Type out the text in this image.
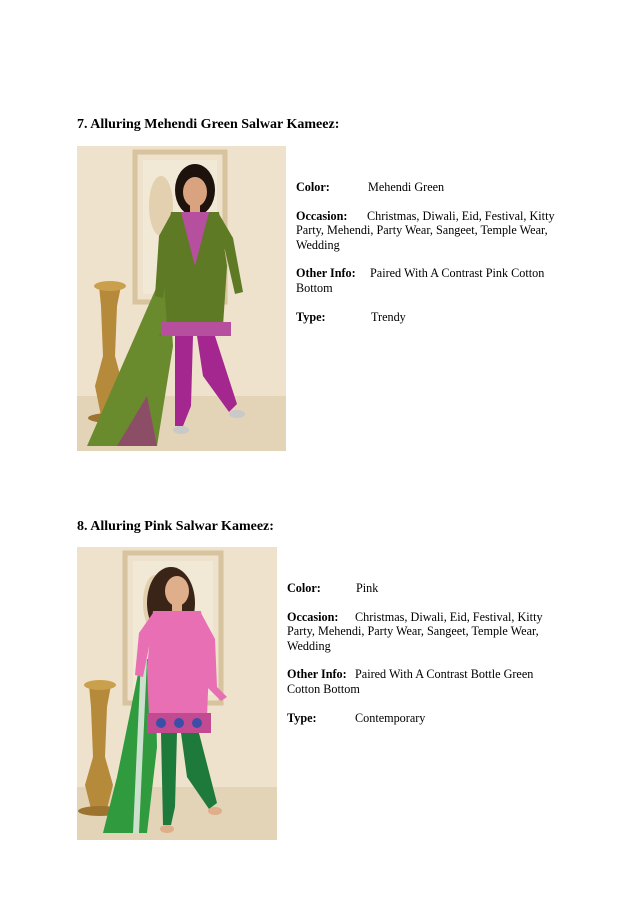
7. Alluring Mehendi Green Salwar Kameez:
Color:	Mehendi Green
Occasion: Christmas, Diwali, Eid, Festival, Kitty Party, Mehendi, Party Wear, Sangeet, Temple Wear, Wedding
Other Info: Paired With A Contrast Pink Cotton Bottom
Type:	Trendy
8. Alluring Pink Salwar Kameez:
Color:	Pink
Occasion: Christmas, Diwali, Eid, Festival, Kitty Party, Mehendi, Party Wear, Sangeet, Temple Wear, Wedding
Other Info: Paired With A Contrast Bottle Green Cotton Bottom
Type:	Contemporary
